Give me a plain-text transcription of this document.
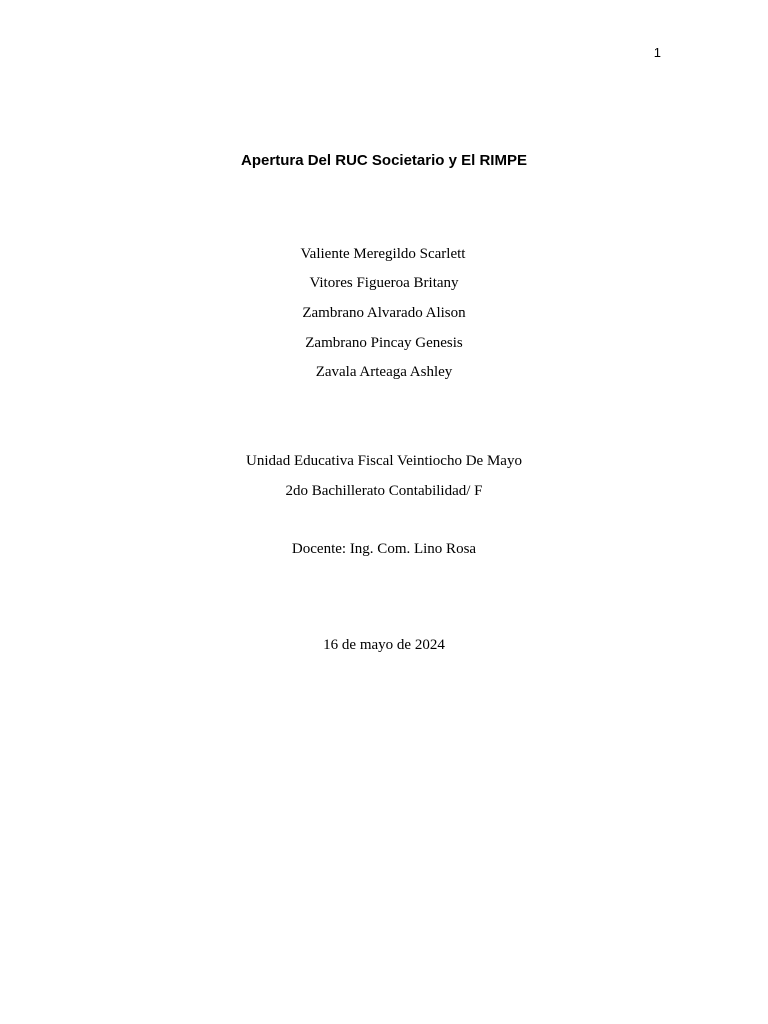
1
Apertura Del RUC Societario y El RIMPE
Valiente Meregildo Scarlett
Vitores Figueroa Britany
Zambrano Alvarado Alison
Zambrano Pincay Genesis
Zavala Arteaga Ashley
Unidad Educativa Fiscal Veintiocho De Mayo
2do Bachillerato Contabilidad/ F
Docente: Ing. Com. Lino Rosa
16 de mayo de 2024
